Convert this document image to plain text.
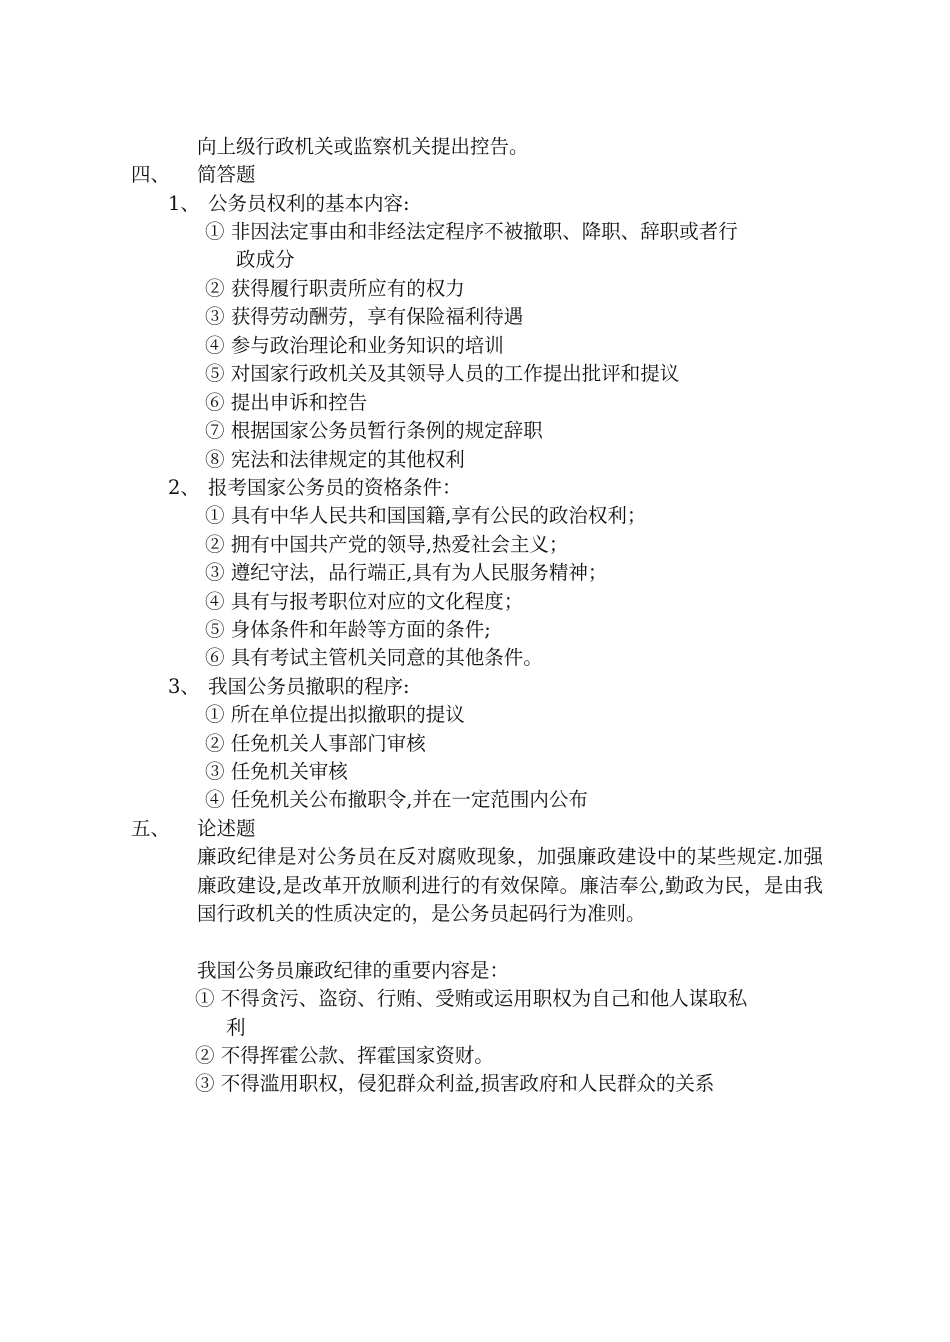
向上级行政机关或监察机关提出控告。
四、 简答题
1、 公务员权利的基本内容:
① 非因法定事由和非经法定程序不被撤职、降职、辞职或者行
政成分
② 获得履行职责所应有的权力
③ 获得劳动酬劳，享有保险福利待遇
④ 参与政治理论和业务知识的培训
⑤ 对国家行政机关及其领导人员的工作提出批评和提议
⑥ 提出申诉和控告
⑦ 根据国家公务员暂行条例的规定辞职
⑧ 宪法和法律规定的其他权利
2、 报考国家公务员的资格条件：
① 具有中华人民共和国国籍,享有公民的政治权利；
② 拥有中国共产党的领导,热爱社会主义；
③ 遵纪守法，品行端正,具有为人民服务精神；
④ 具有与报考职位对应的文化程度；
⑤ 身体条件和年龄等方面的条件;
⑥ 具有考试主管机关同意的其他条件。
3、 我国公务员撤职的程序:
① 所在单位提出拟撤职的提议
② 任免机关人事部门审核
③ 任免机关审核
④ 任免机关公布撤职令,并在一定范围内公布
五、 论述题
廉政纪律是对公务员在反对腐败现象，加强廉政建设中的某些规定.加强廉政建设,是改革开放顺利进行的有效保障。廉洁奉公,勤政为民，是由我国行政机关的性质决定的，是公务员起码行为准则。
我国公务员廉政纪律的重要内容是：
① 不得贪污、盗窃、行贿、受贿或运用职权为自己和他人谋取私
利
② 不得挥霍公款、挥霍国家资财。
③ 不得滥用职权，侵犯群众利益,损害政府和人民群众的关系
